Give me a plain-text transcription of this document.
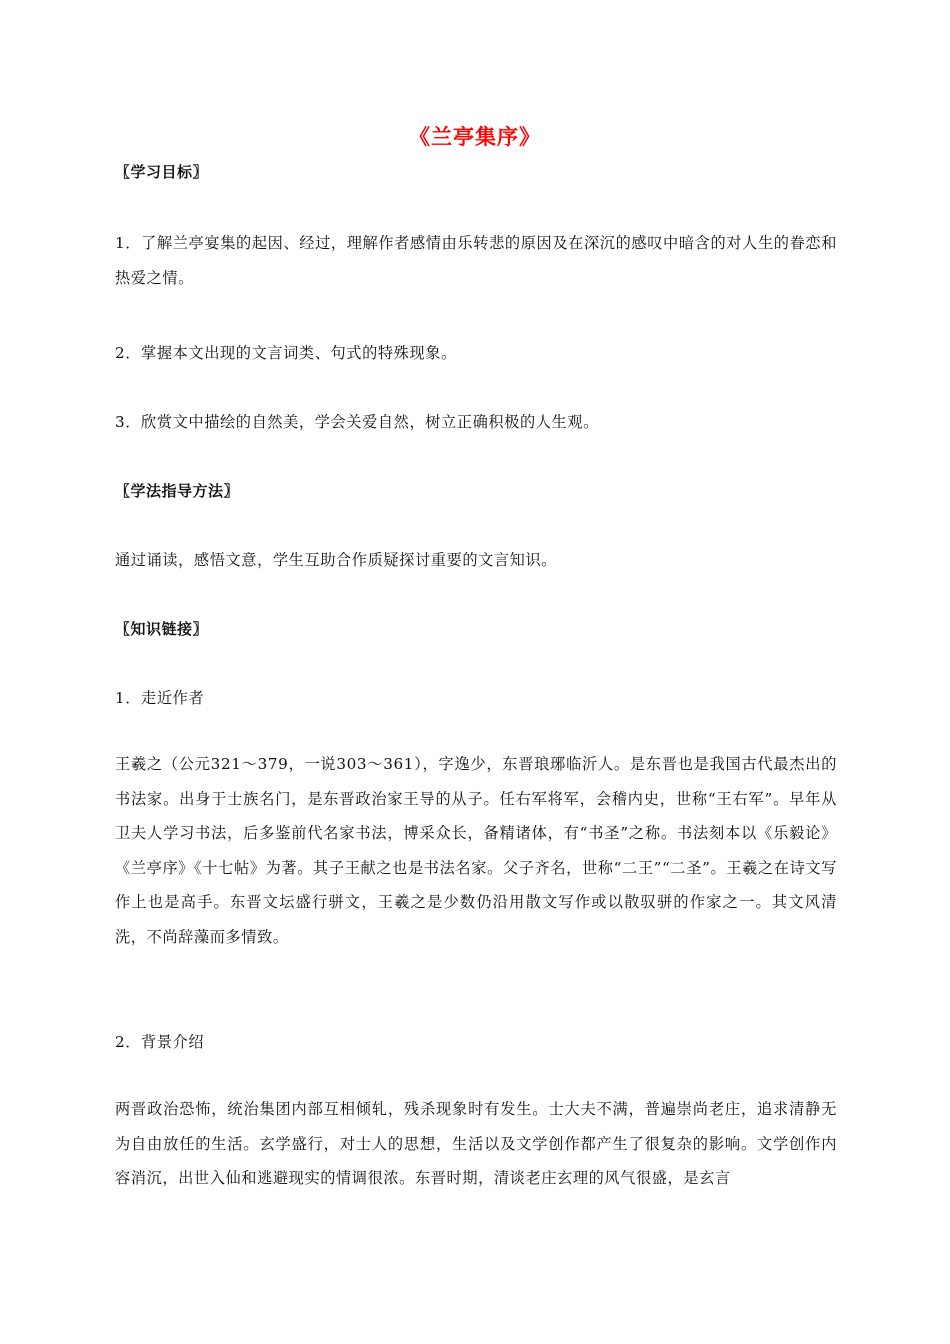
《兰亭集序》
〖学习目标〗

1．了解兰亭宴集的起因、经过，理解作者感情由乐转悲的原因及在深沉的感叹中暗含的对人生的眷恋和热爱之情。

2．掌握本文出现的文言词类、句式的特殊现象。

3．欣赏文中描绘的自然美，学会关爱自然，树立正确积极的人生观。

〖学法指导方法〗

通过诵读，感悟文意，学生互助合作质疑探讨重要的文言知识。

〖知识链接〗

1．走近作者

王羲之（公元321～379，一说303～361），字逸少，东晋琅琊临沂人。是东晋也是我国古代最杰出的书法家。出身于士族名门，是东晋政治家王导的从子。任右军将军，会稽内史，世称“王右军”。早年从卫夫人学习书法，后多鉴前代名家书法，博采众长，备精诸体，有“书圣”之称。书法刻本以《乐毅论》《兰亭序》《十七帖》为著。其子王献之也是书法名家。父子齐名，世称“二王”“二圣”。王羲之在诗文写作上也是高手。东晋文坛盛行骈文，王羲之是少数仍沿用散文写作或以散驭骈的作家之一。其文风清洗，不尚辞藻而多情致。

2．背景介绍

两晋政治恐怖，统治集团内部互相倾轧，残杀现象时有发生。士大夫不满，普遍崇尚老庄，追求清静无为自由放任的生活。玄学盛行，对士人的思想，生活以及文学创作都产生了很复杂的影响。文学创作内容消沉，出世入仙和逃避现实的情调很浓。东晋时期，清谈老庄玄理的风气很盛，是玄言
